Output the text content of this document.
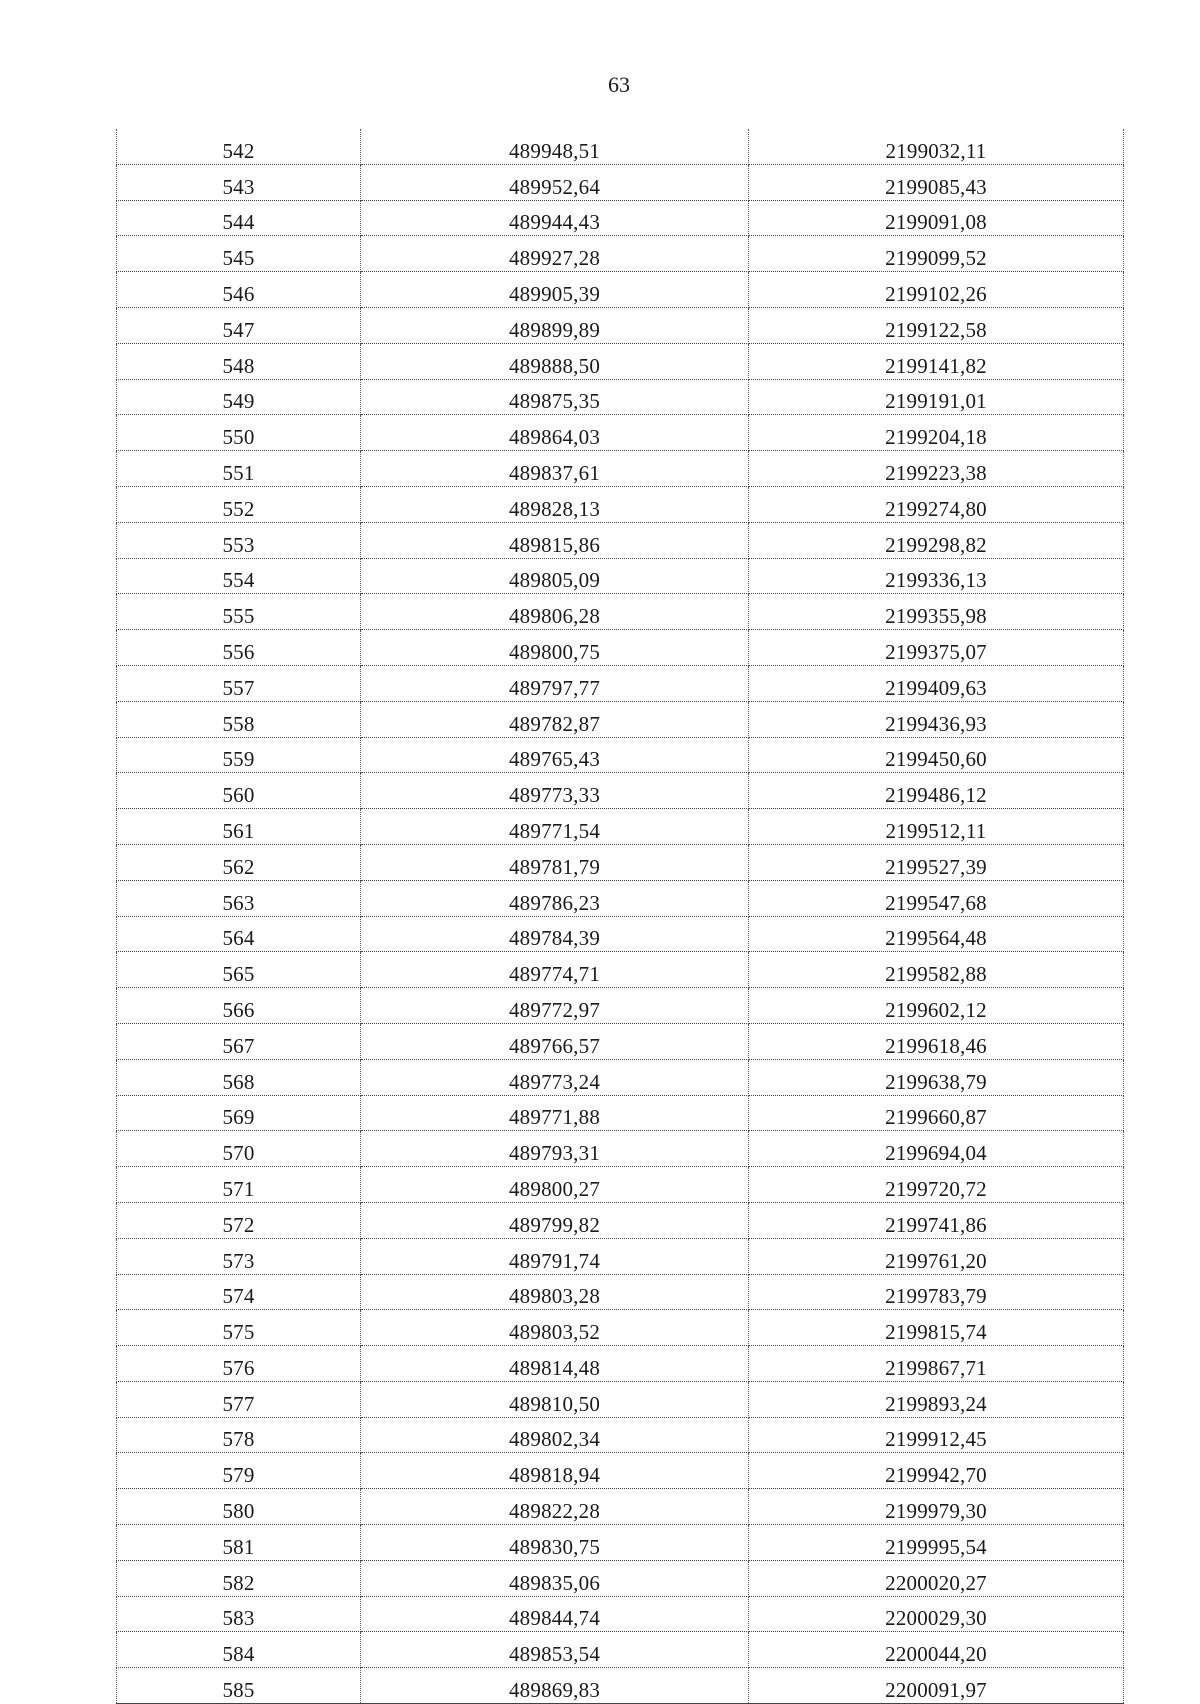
63
542	489948,51	2199032,11
543	489952,64	2199085,43
544	489944,43	2199091,08
545	489927,28	2199099,52
546	489905,39	2199102,26
547	489899,89	2199122,58
548	489888,50	2199141,82
549	489875,35	2199191,01
550	489864,03	2199204,18
551	489837,61	2199223,38
552	489828,13	2199274,80
553	489815,86	2199298,82
554	489805,09	2199336,13
555	489806,28	2199355,98
556	489800,75	2199375,07
557	489797,77	2199409,63
558	489782,87	2199436,93
559	489765,43	2199450,60
560	489773,33	2199486,12
561	489771,54	2199512,11
562	489781,79	2199527,39
563	489786,23	2199547,68
564	489784,39	2199564,48
565	489774,71	2199582,88
566	489772,97	2199602,12
567	489766,57	2199618,46
568	489773,24	2199638,79
569	489771,88	2199660,87
570	489793,31	2199694,04
571	489800,27	2199720,72
572	489799,82	2199741,86
573	489791,74	2199761,20
574	489803,28	2199783,79
575	489803,52	2199815,74
576	489814,48	2199867,71
577	489810,50	2199893,24
578	489802,34	2199912,45
579	489818,94	2199942,70
580	489822,28	2199979,30
581	489830,75	2199995,54
582	489835,06	2200020,27
583	489844,74	2200029,30
584	489853,54	2200044,20
585	489869,83	2200091,97
